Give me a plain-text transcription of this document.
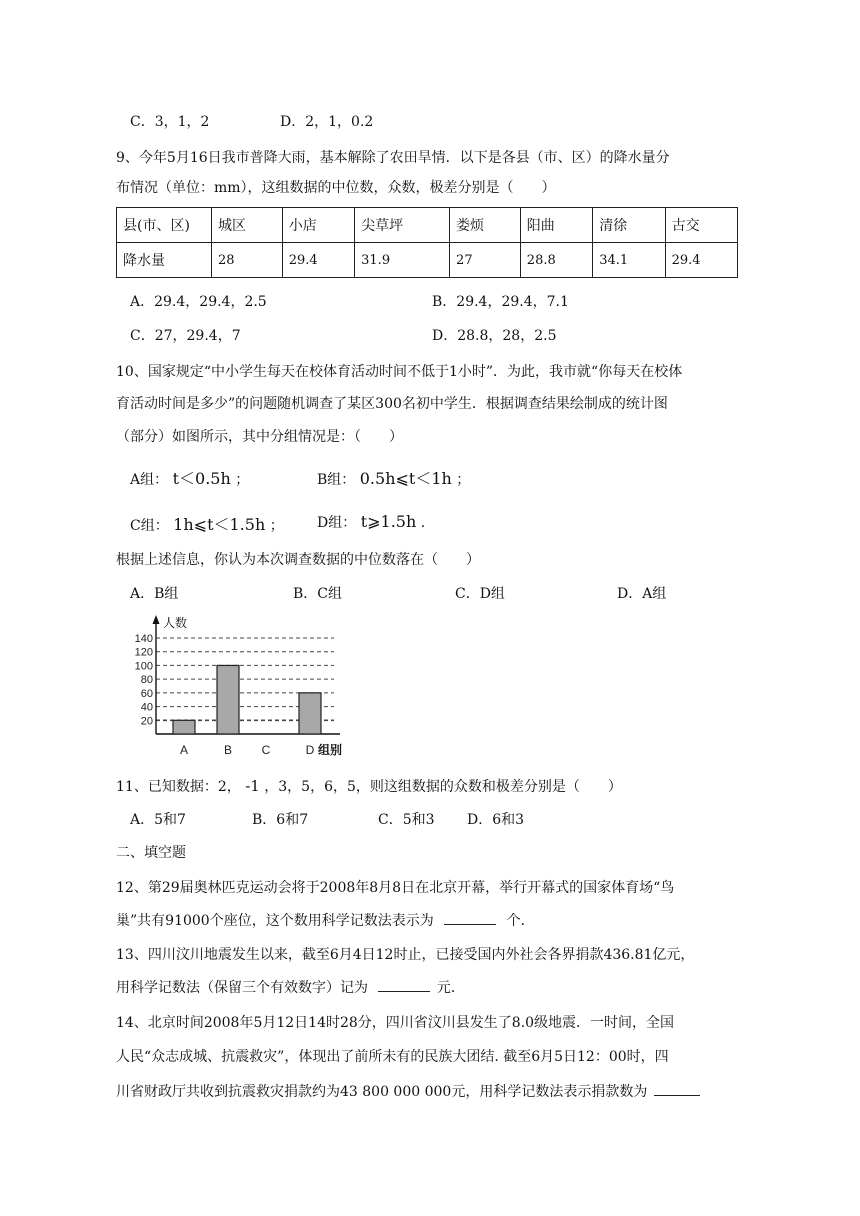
C．3，1，2	D．2，1，0.2
9、今年5月16日我市普降大雨，基本解除了农田旱情．以下是各县（市、区）的降水量分
布情况（单位：mm），这组数据的中位数，众数，极差分别是（　　）
县(市、区)	城区	小店	尖草坪	娄烦	阳曲	清徐	古交
降水量	28	29.4	31.9	27	28.8	34.1	29.4
A．29.4，29.4，2.5	B．29.4，29.4，7.1
C．27，29.4，7	D．28.8，28，2.5
10、国家规定“中小学生每天在校体育活动时间不低于1小时”．为此，我市就“你每天在校体
育活动时间是多少”的问题随机调查了某区300名初中学生．根据调查结果绘制成的统计图
（部分）如图所示，其中分组情况是：（　　）
A组： t＜0.5h ；	B组： 0.5h⩽t＜1h ；
C组： 1h⩽t＜1.5h ； D组： t⩾1.5h ．
根据上述信息，你认为本次调查数据的中位数落在（　　）
A．B组	B．C组	C．D组	D．A组
20
40
60
80
100
120
140
人数
组别
A	B C	D
11、已知数据：2， -1 ，3，5，6，5，则这组数据的众数和极差分别是（　　）
A．5和7	B．6和7	C．5和3 D．6和3
二、填空题
12、第29届奥林匹克运动会将于2008年8月8日在北京开幕，举行开幕式的国家体育场“鸟
巢”共有91000个座位，这个数用科学记数法表示为	个．
13、四川汶川地震发生以来，截至6月4日12时止，已接受国内外社会各界捐款436.81亿元，
用科学记数法（保留三个有效数字）记为	元．
14、北京时间2008年5月12日14时28分，四川省汶川县发生了8.0级地震．一时间，全国
人民“众志成城、抗震救灾”，体现出了前所未有的民族大团结. 截至6月5日12：00时，四
川省财政厅共收到抗震救灾捐款约为43 800 000 000元，用科学记数法表示捐款数为
